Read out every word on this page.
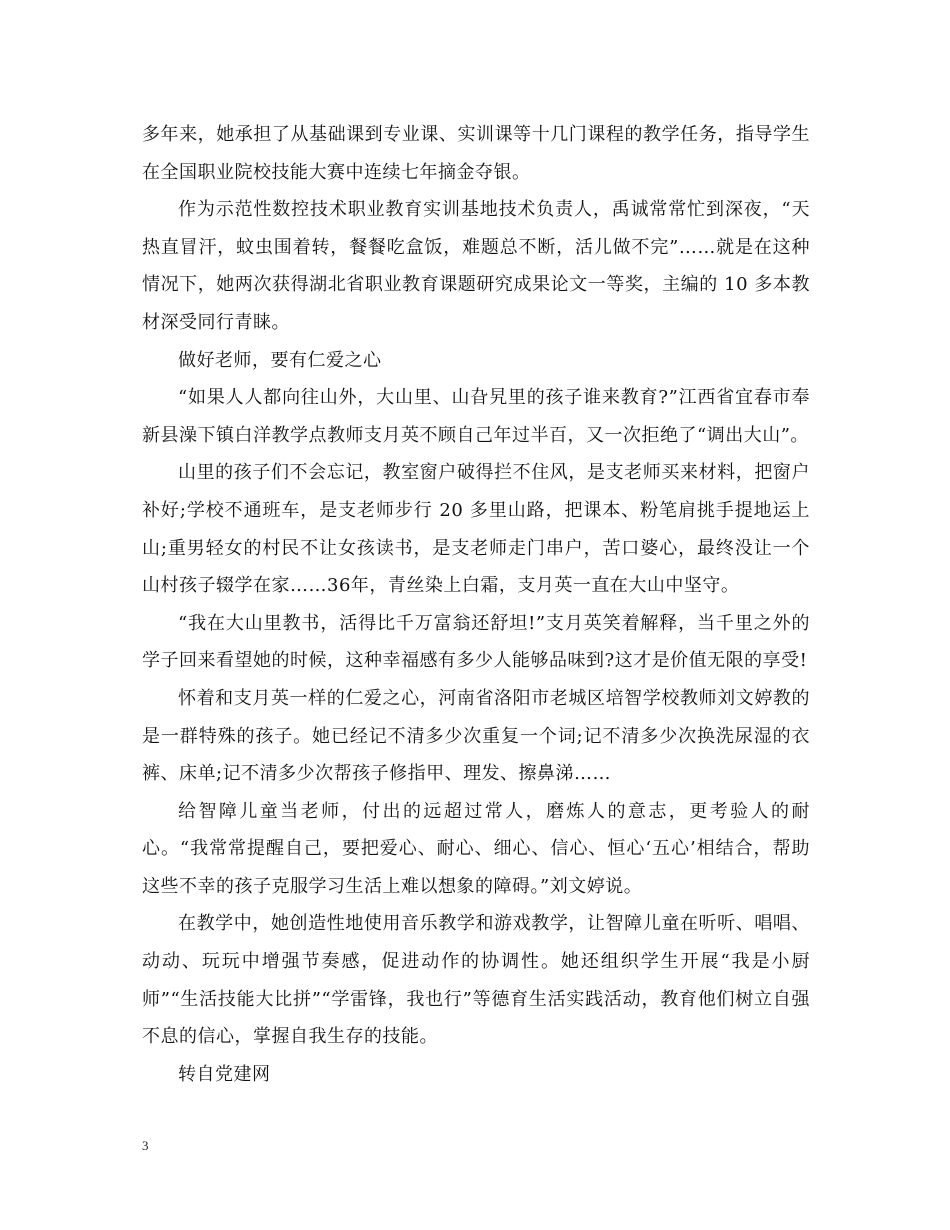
多年来，她承担了从基础课到专业课、实训课等十几门课程的教学任务，指导学生在全国职业院校技能大赛中连续七年摘金夺银。

作为示范性数控技术职业教育实训基地技术负责人，禹诚常常忙到深夜，“天热直冒汗，蚊虫围着转，餐餐吃盒饭，难题总不断，活儿做不完”……就是在这种情况下，她两次获得湖北省职业教育课题研究成果论文一等奖，主编的 10 多本教材深受同行青睐。

做好老师，要有仁爱之心

“如果人人都向往山外，大山里、山旮旯里的孩子谁来教育?”江西省宜春市奉新县澡下镇白洋教学点教师支月英不顾自己年过半百，又一次拒绝了“调出大山”。

山里的孩子们不会忘记，教室窗户破得拦不住风，是支老师买来材料，把窗户补好;学校不通班车，是支老师步行 20 多里山路，把课本、粉笔肩挑手提地运上山;重男轻女的村民不让女孩读书，是支老师走门串户，苦口婆心，最终没让一个山村孩子辍学在家……36年，青丝染上白霜，支月英一直在大山中坚守。

“我在大山里教书，活得比千万富翁还舒坦!”支月英笑着解释，当千里之外的学子回来看望她的时候，这种幸福感有多少人能够品味到?这才是价值无限的享受!

怀着和支月英一样的仁爱之心，河南省洛阳市老城区培智学校教师刘文婷教的是一群特殊的孩子。她已经记不清多少次重复一个词;记不清多少次换洗尿湿的衣裤、床单;记不清多少次帮孩子修指甲、理发、擦鼻涕……

给智障儿童当老师，付出的远超过常人，磨炼人的意志，更考验人的耐心。“我常常提醒自己，要把爱心、耐心、细心、信心、恒心‘五心’相结合，帮助这些不幸的孩子克服学习生活上难以想象的障碍。”刘文婷说。

在教学中，她创造性地使用音乐教学和游戏教学，让智障儿童在听听、唱唱、动动、玩玩中增强节奏感，促进动作的协调性。她还组织学生开展“我是小厨师”“生活技能大比拼”“学雷锋，我也行”等德育生活实践活动，教育他们树立自强不息的信心，掌握自我生存的技能。

转自党建网

3
